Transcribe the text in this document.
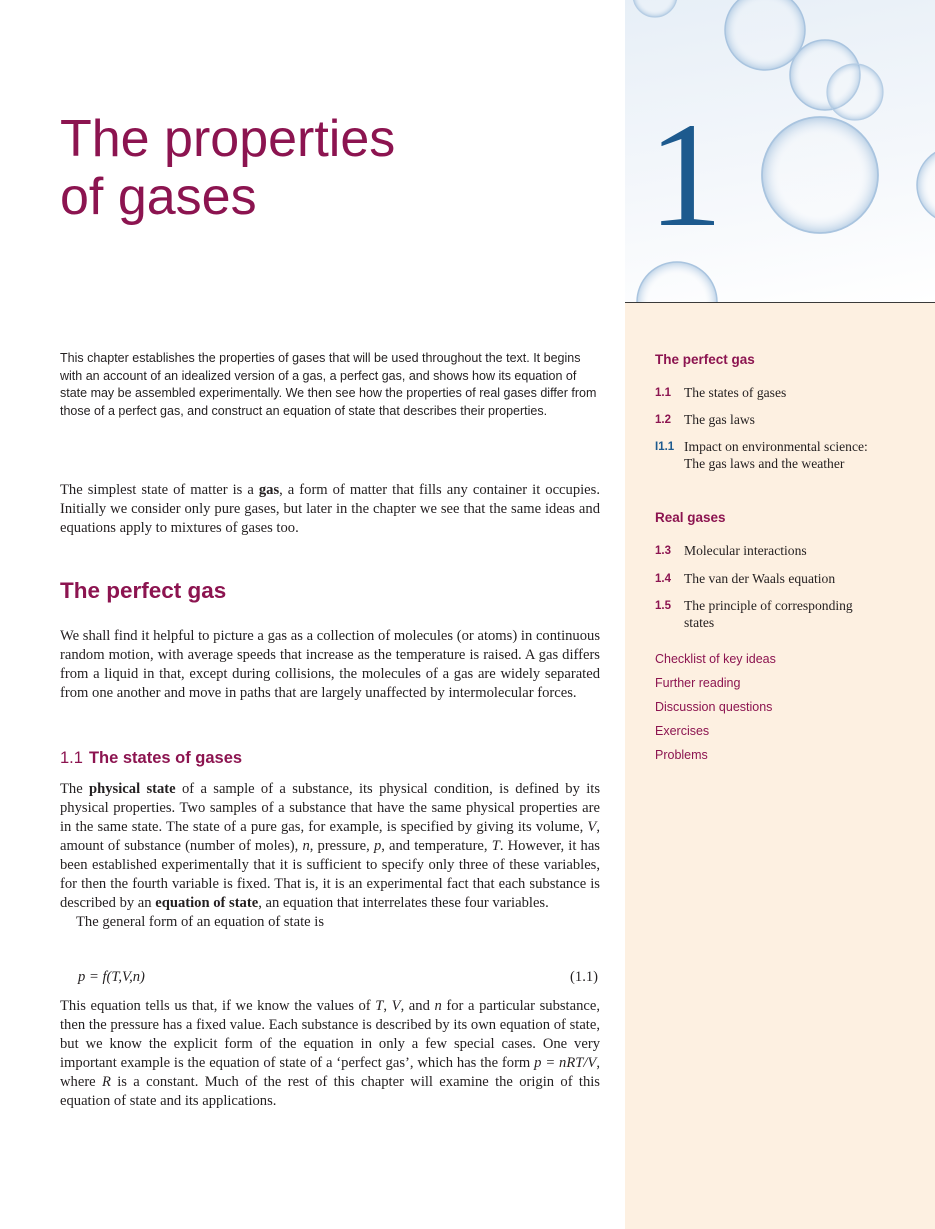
1
The properties
of gases

This chapter establishes the properties of gases that will be used throughout the text. It begins with an account of an idealized version of a gas, a perfect gas, and shows how its equation of state may be assembled experimentally. We then see how the properties of real gases differ from those of a perfect gas, and construct an equation of state that describes their properties.

The simplest state of matter is a gas, a form of matter that fills any container it occupies. Initially we consider only pure gases, but later in the chapter we see that the same ideas and equations apply to mixtures of gases too.

The perfect gas

We shall find it helpful to picture a gas as a collection of molecules (or atoms) in continuous random motion, with average speeds that increase as the temperature is raised. A gas differs from a liquid in that, except during collisions, the molecules of a gas are widely separated from one another and move in paths that are largely unaffected by intermolecular forces.

1.1 The states of gases

The physical state of a sample of a substance, its physical condition, is defined by its physical properties. Two samples of a substance that have the same physical properties are in the same state. The state of a pure gas, for example, is specified by giving its volume, V, amount of substance (number of moles), n, pressure, p, and temperature, T. However, it has been established experimentally that it is sufficient to specify only three of these variables, for then the fourth variable is fixed. That is, it is an experimental fact that each substance is described by an equation of state, an equation that interrelates these four variables.

The general form of an equation of state is

p = f(T,V,n)	(1.1)

This equation tells us that, if we know the values of T, V, and n for a particular substance, then the pressure has a fixed value. Each substance is described by its own equation of state, but we know the explicit form of the equation in only a few special cases. One very important example is the equation of state of a ‘perfect gas’, which has the form p = nRT/V, where R is a constant. Much of the rest of this chapter will examine the origin of this equation of state and its applications.

The perfect gas

1.1 The states of gases
1.2 The gas laws
I1.1 Impact on environmental science: The gas laws and the weather

Real gases

1.3 Molecular interactions
1.4 The van der Waals equation
1.5 The principle of corresponding states

Checklist of key ideas

Further reading

Discussion questions

Exercises

Problems
